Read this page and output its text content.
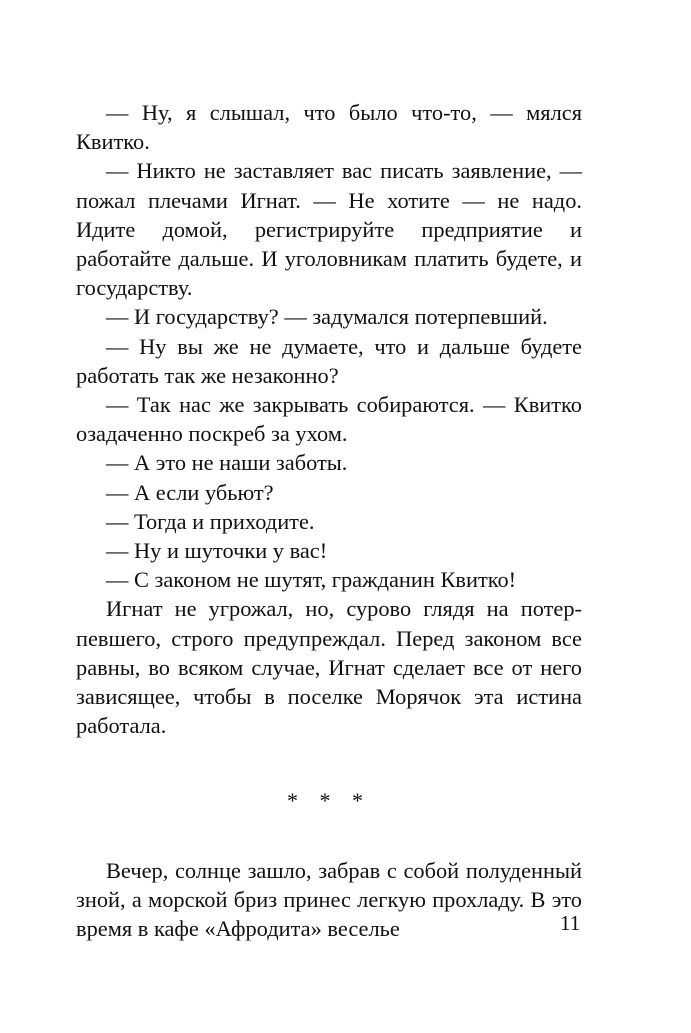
— Ну, я слышал, что было что-то, — мялся Квитко.

— Никто не заставляет вас писать заявление, — пожал плечами Игнат. — Не хотите — не надо. Идите домой, регистрируйте предприятие и работайте дальше. И уголовникам платить будете, и государству.

— И государству? — задумался потерпевший.

— Ну вы же не думаете, что и дальше будете работать так же незаконно?

— Так нас же закрывать собираются. — Квитко озадаченно поскреб за ухом.

— А это не наши заботы.

— А если убьют?

— Тогда и приходите.

— Ну и шуточки у вас!

— С законом не шутят, гражданин Квитко!

Игнат не угрожал, но, сурово глядя на потерпевшего, строго предупреждал. Перед законом все равны, во всяком случае, Игнат сделает все от него зависящее, чтобы в поселке Морячок эта истина работала.

* * *

Вечер, солнце зашло, забрав с собой полуденный зной, а морской бриз принес легкую прохладу. В это время в кафе «Афродита» веселье	11
